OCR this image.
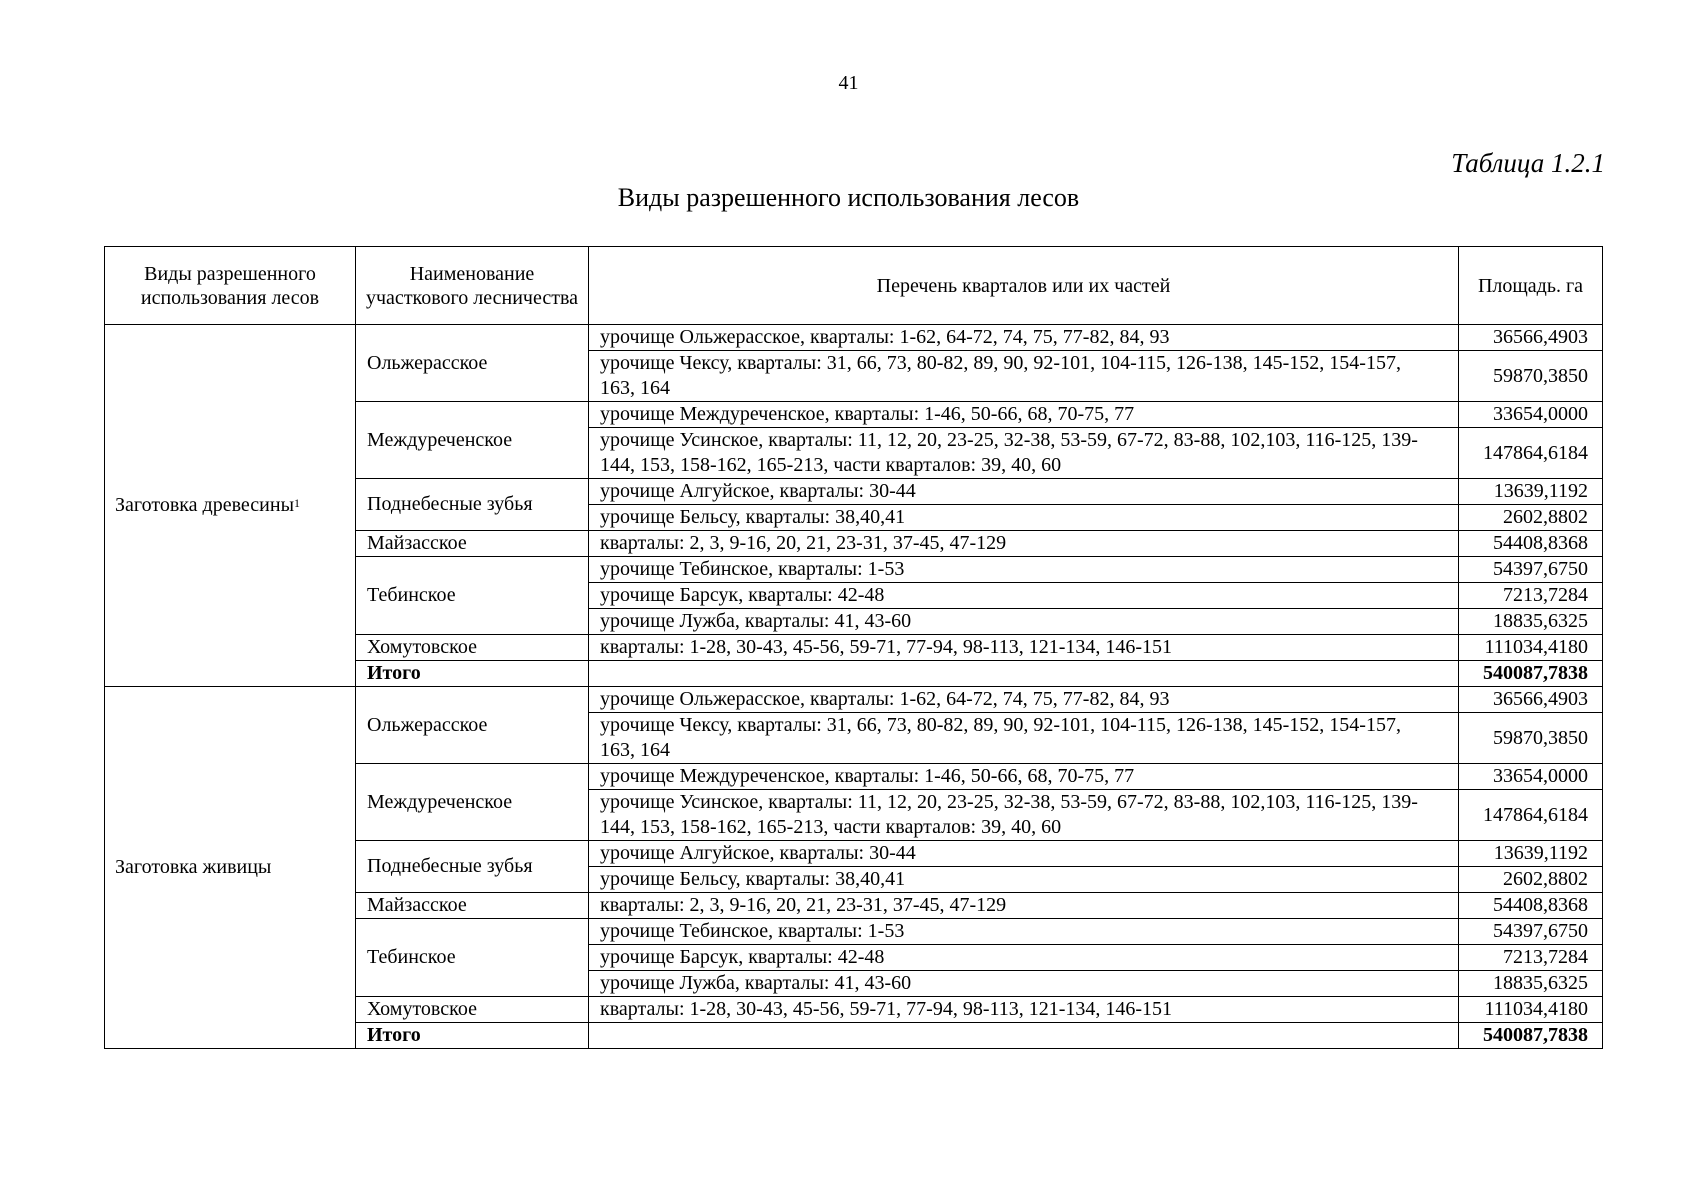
41
Таблица 1.2.1
Виды разрешенного использования лесов
Виды разрешенного использования лесов	Наименование участкового лесничества	Перечень кварталов или их частей	Площадь. га
Заготовка древесины$^1$	Ольжерасское	урочище Ольжерасское, кварталы: 1-62, 64-72, 74, 75, 77-82, 84, 93	36566,4903
		урочище Чексу, кварталы: 31, 66, 73, 80-82, 89, 90, 92-101, 104-115, 126-138, 145-152, 154-157, 163, 164	59870,3850
	Междуреченское	урочище Междуреченское, кварталы: 1-46, 50-66, 68, 70-75, 77	33654,0000
		урочище Усинское, кварталы: 11, 12, 20, 23-25, 32-38, 53-59, 67-72, 83-88, 102,103, 116-125, 139-144, 153, 158-162, 165-213, части кварталов: 39, 40, 60	147864,6184
	Поднебесные зубья	урочище Алгуйское, кварталы: 30-44	13639,1192
		урочище Бельсу, кварталы: 38,40,41	2602,8802
	Майзасское	кварталы: 2, 3, 9-16, 20, 21, 23-31, 37-45, 47-129	54408,8368
	Тебинское	урочище Тебинское, кварталы: 1-53	54397,6750
		урочище Барсук, кварталы: 42-48	7213,7284
		урочище Лужба, кварталы: 41, 43-60	18835,6325
	Хомутовское	кварталы: 1-28, 30-43, 45-56, 59-71, 77-94, 98-113, 121-134, 146-151	111034,4180
	Итого		540087,7838
Заготовка живицы	Ольжерасское	урочище Ольжерасское, кварталы: 1-62, 64-72, 74, 75, 77-82, 84, 93	36566,4903
		урочище Чексу, кварталы: 31, 66, 73, 80-82, 89, 90, 92-101, 104-115, 126-138, 145-152, 154-157, 163, 164	59870,3850
	Междуреченское	урочище Междуреченское, кварталы: 1-46, 50-66, 68, 70-75, 77	33654,0000
		урочище Усинское, кварталы: 11, 12, 20, 23-25, 32-38, 53-59, 67-72, 83-88, 102,103, 116-125, 139-144, 153, 158-162, 165-213, части кварталов: 39, 40, 60	147864,6184
	Поднебесные зубья	урочище Алгуйское, кварталы: 30-44	13639,1192
		урочище Бельсу, кварталы: 38,40,41	2602,8802
	Майзасское	кварталы: 2, 3, 9-16, 20, 21, 23-31, 37-45, 47-129	54408,8368
	Тебинское	урочище Тебинское, кварталы: 1-53	54397,6750
		урочище Барсук, кварталы: 42-48	7213,7284
		урочище Лужба, кварталы: 41, 43-60	18835,6325
	Хомутовское	кварталы: 1-28, 30-43, 45-56, 59-71, 77-94, 98-113, 121-134, 146-151	111034,4180
	Итого		540087,7838
